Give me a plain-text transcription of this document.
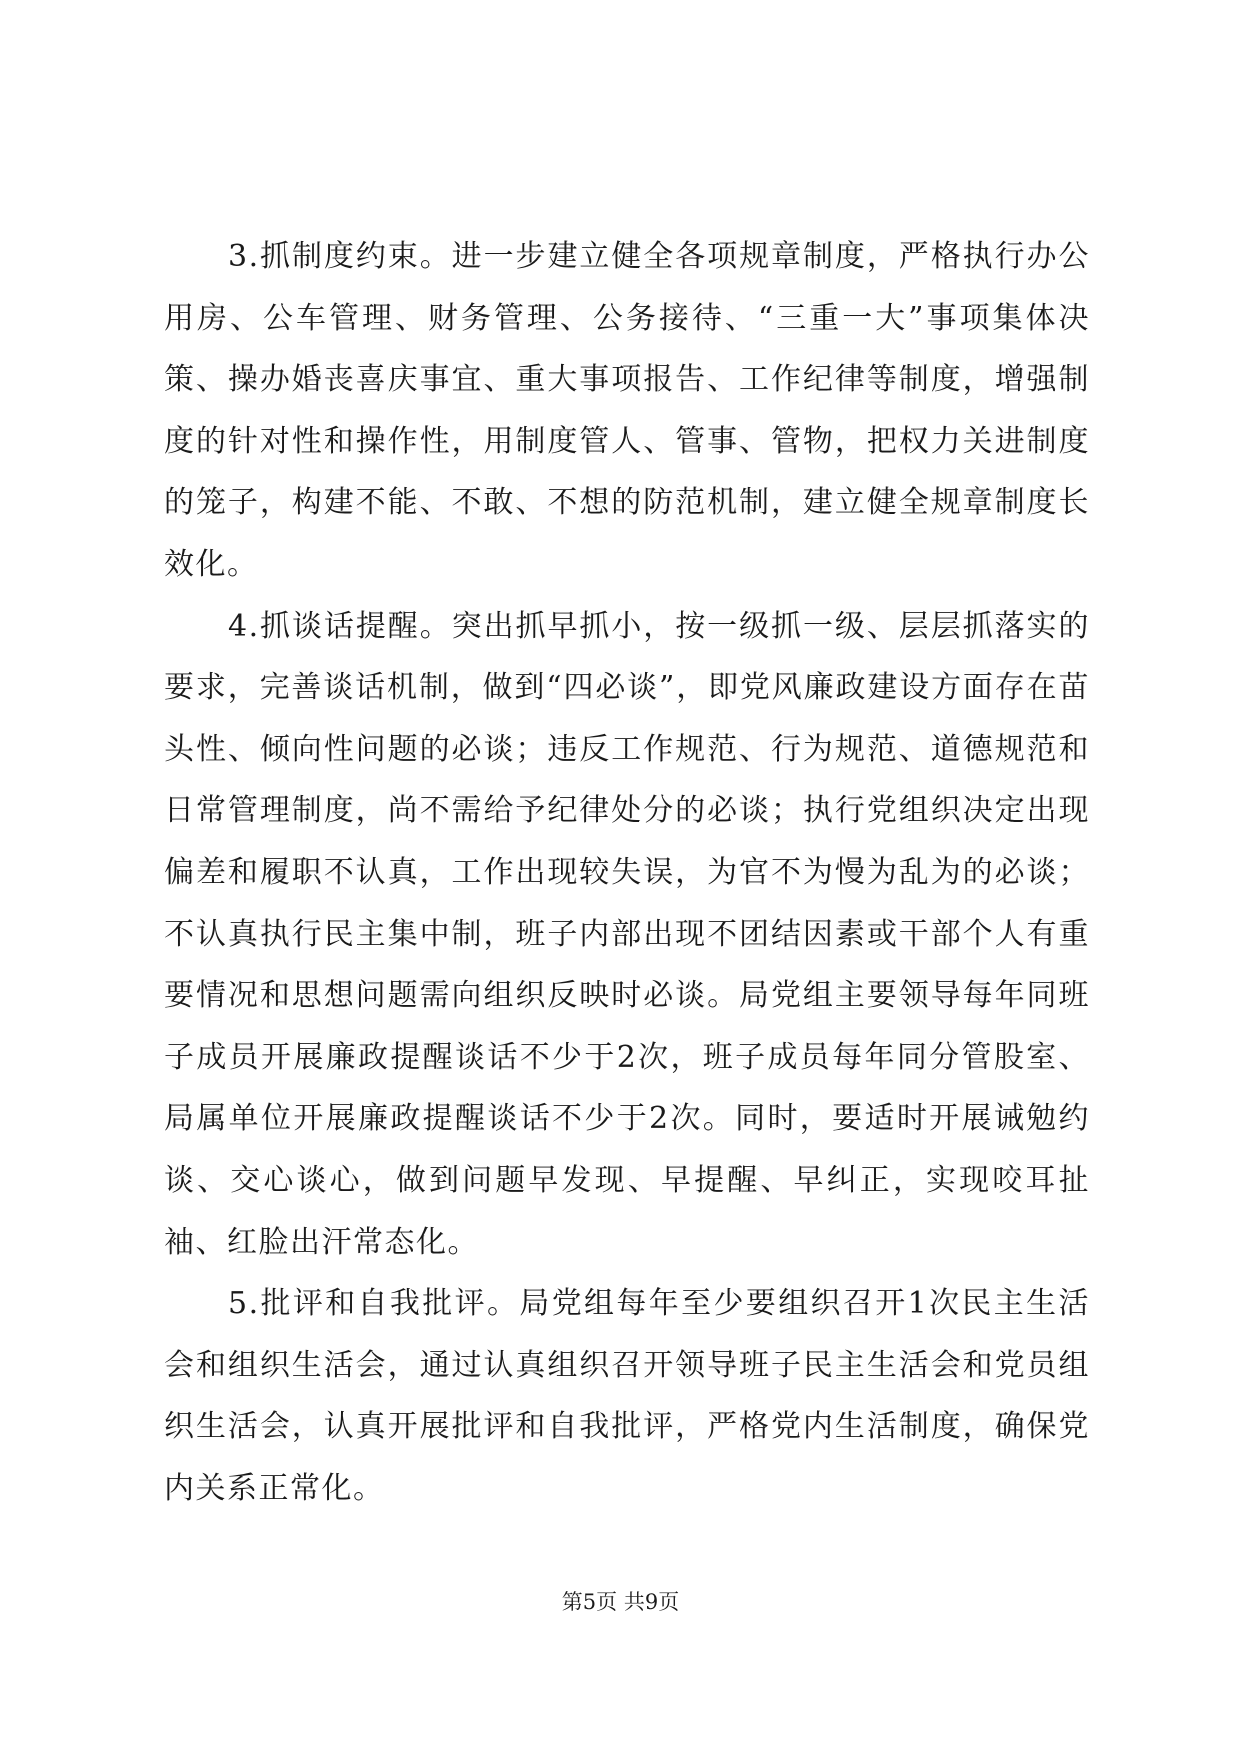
3.抓制度约束。进一步建立健全各项规章制度，严格执行办公用房、公车管理、财务管理、公务接待、“三重一大”事项集体决策、操办婚丧喜庆事宜、重大事项报告、工作纪律等制度，增强制度的针对性和操作性，用制度管人、管事、管物，把权力关进制度的笼子，构建不能、不敢、不想的防范机制，建立健全规章制度长效化。

4.抓谈话提醒。突出抓早抓小，按一级抓一级、层层抓落实的要求，完善谈话机制，做到“四必谈”，即党风廉政建设方面存在苗头性、倾向性问题的必谈；违反工作规范、行为规范、道德规范和日常管理制度，尚不需给予纪律处分的必谈；执行党组织决定出现偏差和履职不认真，工作出现较失误，为官不为慢为乱为的必谈；不认真执行民主集中制，班子内部出现不团结因素或干部个人有重要情况和思想问题需向组织反映时必谈。局党组主要领导每年同班子成员开展廉政提醒谈话不少于2次，班子成员每年同分管股室、局属单位开展廉政提醒谈话不少于2次。同时，要适时开展诫勉约谈、交心谈心，做到问题早发现、早提醒、早纠正，实现咬耳扯袖、红脸出汗常态化。

5.批评和自我批评。局党组每年至少要组织召开1次民主生活会和组织生活会，通过认真组织召开领导班子民主生活会和党员组织生活会，认真开展批评和自我批评，严格党内生活制度，确保党内关系正常化。

第5页 共9页
